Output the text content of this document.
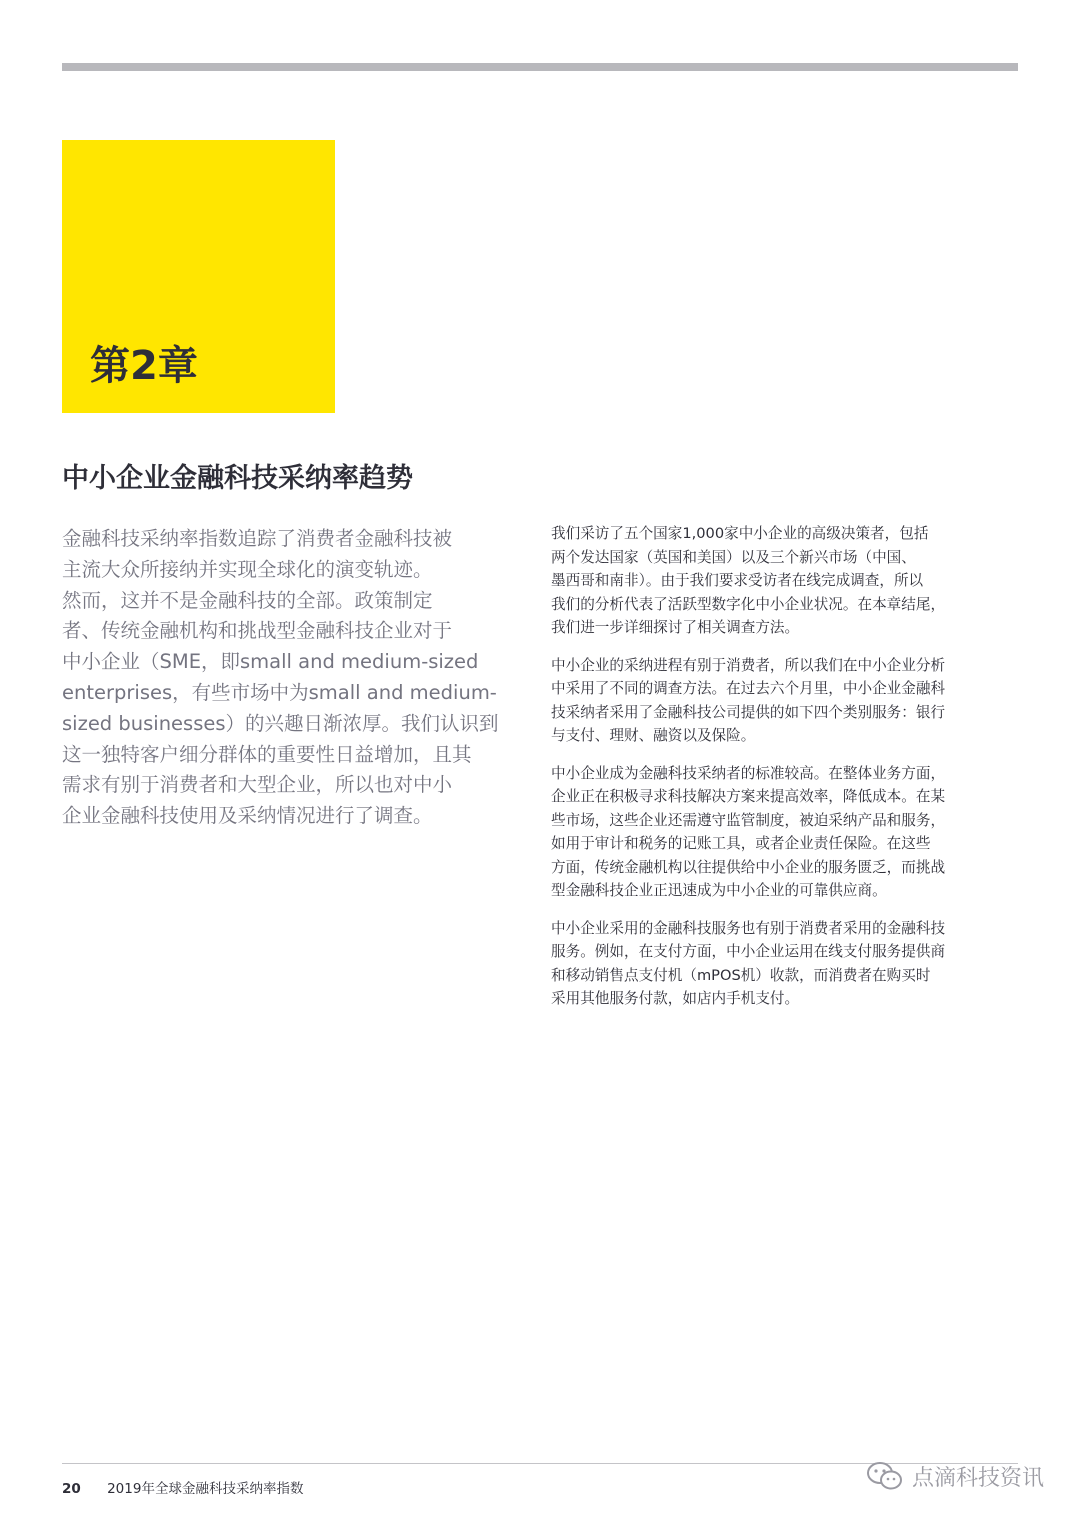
第2章
中小企业金融科技采纳率趋势

金融科技采纳率指数追踪了消费者金融科技被
主流大众所接纳并实现全球化的演变轨迹。
然而，这并不是金融科技的全部。政策制定
者、传统金融机构和挑战型金融科技企业对于
中小企业（SME，即small and medium-sized
enterprises，有些市场中为small and medium-
sized businesses）的兴趣日渐浓厚。我们认识到
这一独特客户细分群体的重要性日益增加，且其
需求有别于消费者和大型企业，所以也对中小
企业金融科技使用及采纳情况进行了调查。

我们采访了五个国家1,000家中小企业的高级决策者，包括
两个发达国家（英国和美国）以及三个新兴市场（中国、
墨西哥和南非）。由于我们要求受访者在线完成调查，所以
我们的分析代表了活跃型数字化中小企业状况。在本章结尾，
我们进一步详细探讨了相关调查方法。

中小企业的采纳进程有别于消费者，所以我们在中小企业分析
中采用了不同的调查方法。在过去六个月里，中小企业金融科
技采纳者采用了金融科技公司提供的如下四个类别服务：银行
与支付、理财、融资以及保险。

中小企业成为金融科技采纳者的标准较高。在整体业务方面，
企业正在积极寻求科技解决方案来提高效率，降低成本。在某
些市场，这些企业还需遵守监管制度，被迫采纳产品和服务，
如用于审计和税务的记账工具，或者企业责任保险。在这些
方面，传统金融机构以往提供给中小企业的服务匮乏，而挑战
型金融科技企业正迅速成为中小企业的可靠供应商。

中小企业采用的金融科技服务也有别于消费者采用的金融科技
服务。例如，在支付方面，中小企业运用在线支付服务提供商
和移动销售点支付机（mPOS机）收款，而消费者在购买时
采用其他服务付款，如店内手机支付。

20 2019年全球金融科技采纳率指数	点滴科技资讯
